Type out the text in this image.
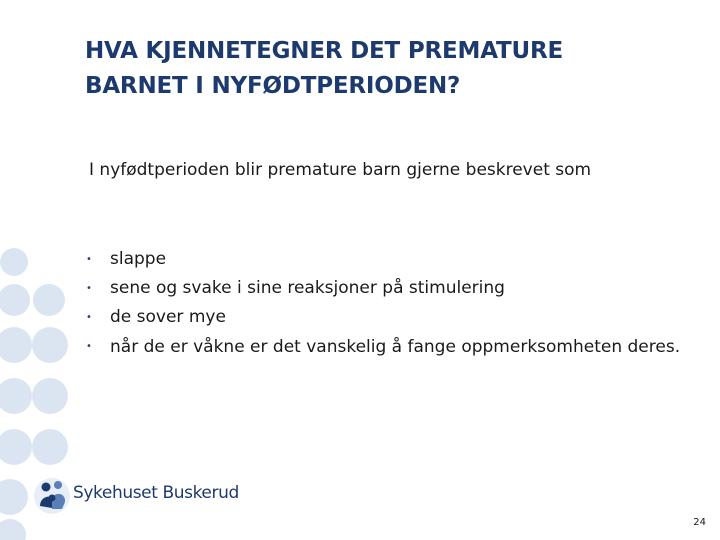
HVA KJENNETEGNER DET PREMATURE
BARNET I NYFØDTPERIODEN?
I nyfødtperioden blir premature barn gjerne beskrevet som
• slappe
• sene og svake i sine reaksjoner på stimulering
• de sover mye
• når de er våkne er det vanskelig å fange oppmerksomheten deres.
Sykehuset Buskerud
24
